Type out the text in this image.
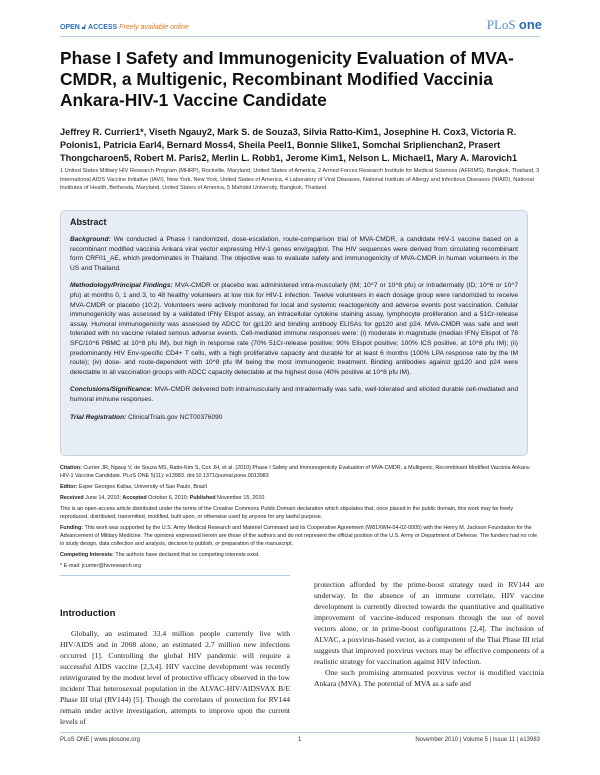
OPEN 🔓︎ ACCESS Freely available online	PLoS one
Phase I Safety and Immunogenicity Evaluation of MVA-CMDR, a Multigenic, Recombinant Modified Vaccinia Ankara-HIV-1 Vaccine Candidate
Jeffrey R. Currier1*, Viseth Ngauy2, Mark S. de Souza3, Silvia Ratto-Kim1, Josephine H. Cox3, Victoria R. Polonis1, Patricia Earl4, Bernard Moss4, Sheila Peel1, Bonnie Slike1, Somchai Sriplienchan2, Prasert Thongcharoen5, Robert M. Paris2, Merlin L. Robb1, Jerome Kim1, Nelson L. Michael1, Mary A. Marovich1
1 United States Military HIV Research Program (MHRP), Rockville, Maryland, United States of America, 2 Armed Forces Research Institute for Medical Sciences (AFRIMS), Bangkok, Thailand, 3 International AIDS Vaccine Initiative (IAVI), New York, New York, United States of America, 4 Laboratory of Viral Diseases, National Institute of Allergy and Infectious Diseases (NIAID), National Institutes of Health, Bethesda, Maryland, United States of America, 5 Mahidol University, Bangkok, Thailand
Abstract

Background: We conducted a Phase I randomized, dose-escalation, route-comparison trial of MVA-CMDR, a candidate HIV-1 vaccine based on a recombinant modified vaccinia Ankara viral vector expressing HIV-1 genes env/gag/pol. The HIV sequences were derived from circulating recombinant form CRF01_AE, which predominates in Thailand. The objective was to evaluate safety and immunogenicity of MVA-CMDR in human volunteers in the US and Thailand.

Methodology/Principal Findings: MVA-CMDR or placebo was administered intra-muscularly (IM; 10^7 or 10^8 pfu) or intradermally (ID; 10^6 or 10^7 pfu) at months 0, 1 and 3, to 48 healthy volunteers at low risk for HIV-1 infection. Twelve volunteers in each dosage group were randomized to receive MVA-CMDR or placebo (10:2). Volunteers were actively monitored for local and systemic reactogenicity and adverse events post vaccination. Cellular immunogenicity was assessed by a validated IFNγ Elispot assay, an intracellular cytokine staining assay, lymphocyte proliferation and a 51Cr-release assay. Humoral immunogenicity was assessed by ADCC for gp120 and binding antibody ELISAs for gp120 and p24. MVA-CMDR was safe and well tolerated with no vaccine related serious adverse events. Cell-mediated immune responses were: (i) moderate in magnitude (median IFNγ Elispot of 78 SFC/10^6 PBMC at 10^8 pfu IM), but high in response rate (70% 51Cr-release positive; 90% Elispot positive; 100% ICS positive, at 10^8 pfu IM); (ii) predominantly HIV Env-specific CD4+ T cells, with a high proliferative capacity and durable for at least 6 months (100% LPA response rate by the IM route); (iv) dose- and route-dependent with 10^8 pfu IM being the most immunogenic treatment. Binding antibodies against gp120 and p24 were detectable in all vaccination groups with ADCC capacity detectable at the highest dose (40% positive at 10^8 pfu IM).

Conclusions/Significance: MVA-CMDR delivered both intramuscularly and intradermally was safe, well-tolerated and elicited durable cell-mediated and humoral immune responses.

Trial Registration: ClinicalTrials.gov NCT00376090

Citation: Currier JR, Ngauy V, de Souza MS, Ratto-Kim S, Cox JH, et al. (2010) Phase I Safety and Immunogenicity Evaluation of MVA-CMDR, a Multigenic, Recombinant Modified Vaccinia Ankara-HIV-1 Vaccine Candidate. PLoS ONE 5(11): e13983. doi:10.1371/journal.pone.0013983

Editor: Esper Georges Kallas, University of Sao Paulo, Brazil

Received June 14, 2010; Accepted October 6, 2010; Published November 15, 2010

This is an open-access article distributed under the terms of the Creative Commons Public Domain declaration which stipulates that, once placed in the public domain, this work may be freely reproduced, distributed, transmitted, modified, built upon, or otherwise used by anyone for any lawful purpose.

Funding: This work was supported by the U.S. Army Medical Research and Materiel Command and its Cooperative Agreement (W81XWH-04-02-0005) with the Henry M. Jackson Foundation for the Advancement of Military Medicine. The opinions expressed herein are those of the authors and do not represent the official position of the U.S. Army or Department of Defense. The funders had no role in study design, data collection and analysis, decision to publish, or preparation of the manuscript.

Competing Interests: The authors have declared that no competing interests exist.

* E-mail: jcurrier@hivresearch.org

Introduction

Globally, an estimated 33.4 million people currently live with HIV/AIDS and in 2008 alone, an estimated 2.7 million new infections occurred [1]. Controlling the global HIV pandemic will require a successful AIDS vaccine [2,3,4]. HIV vaccine development was recently reinvigorated by the modest level of protective efficacy observed in the low incident Thai heterosexual population in the ALVAC-HIV/AIDSVAX B/E Phase III trial (RV144) [5]. Though the correlates of protection for RV144 remain under active investigation, attempts to improve upon the current levels of

protection afforded by the prime-boost strategy used in RV144 are underway. In the absence of an immune correlate, HIV vaccine development is currently directed towards the quantitative and qualitative improvement of vaccine-induced responses through the use of novel vectors alone, or in prime-boost configurations [2,4]. The inclusion of ALVAC, a poxvirus-based vector, as a component of the Thai Phase III trial suggests that improved poxvirus vectors may be effective components of a realistic strategy for vaccination against HIV infection.

One such promising attenuated poxvirus vector is modified vaccinia Ankara (MVA). The potential of MVA as a safe and

PLoS ONE | www.plosone.org	1	November 2010 | Volume 5 | Issue 11 | e13983
